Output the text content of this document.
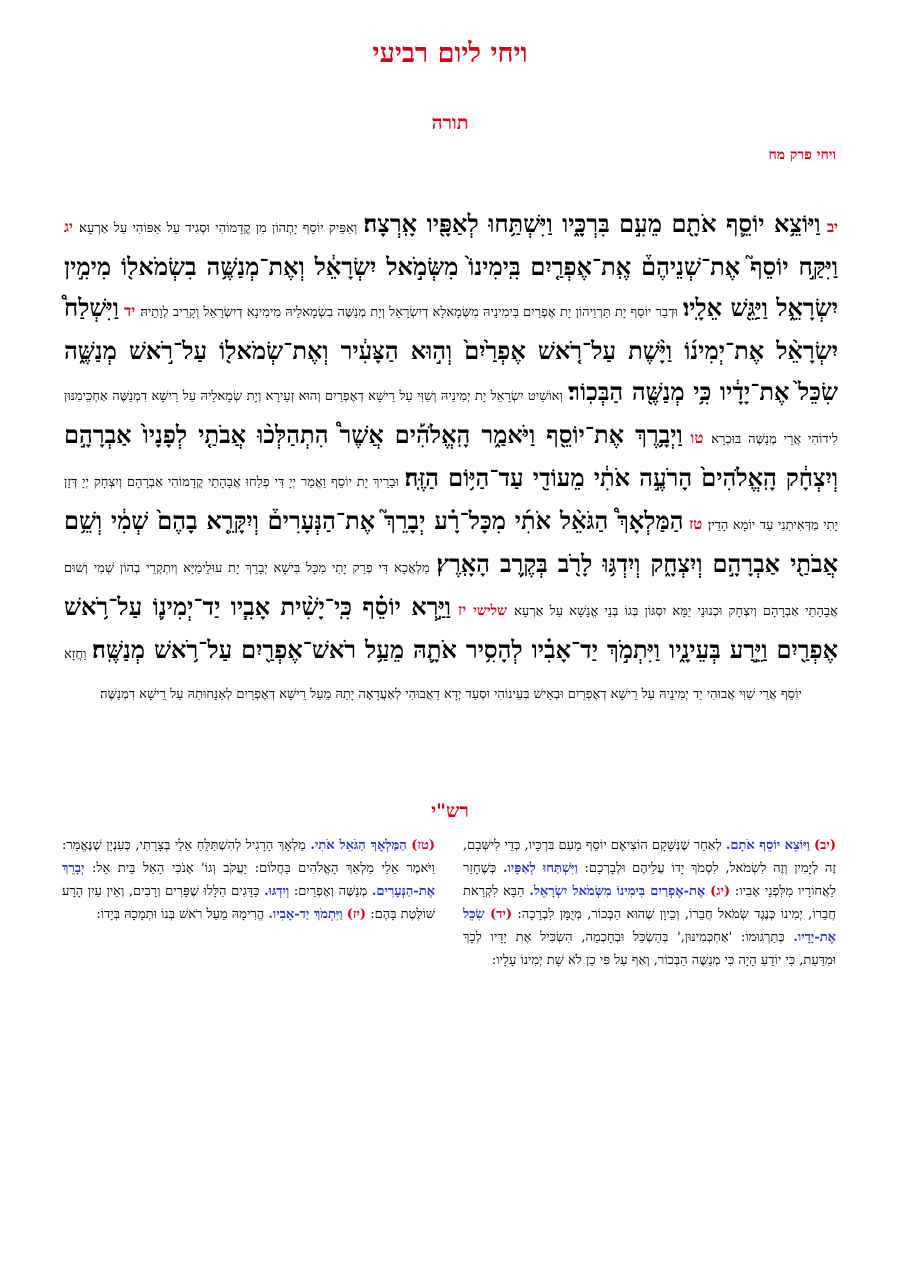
ויחי ליום רביעי
תורה
ויחי פרק מח
יב וַיּוֹצֵ֥א יוֹסֵ֛ף אֹתָ֖ם מֵעִ֣ם בִּרְכָּ֑יו וַיִּשְׁתַּ֥חוּ לְאַפָּ֖יו אָֽרְצָה׃ וְאַפֵּיק יוֹסֵף יָתְהוֹן מִן קֳדָמוֹהִי וּסְגִיד עַל אַפּוֹהִי עַל אַרְעָא׃ יג וַיִּקַּ֣ח יוֹסֵף֮ אֶת־שְׁנֵיהֶם֒ אֶֽת־אֶפְרַ֤יִם בִּֽימִינוֹ֙ מִשְּׂמֹ֣אל יִשְׂרָאֵ֔ל וְאֶת־מְנַשֶּׁ֥ה בִשְׂמֹאל֖וֹ מִימִ֣ין יִשְׂרָאֵ֑ל וַיַּגֵּ֖שׁ אֵלָֽיו׃ וּדְבַר יוֹסֵף יָת תַּרְוֵיהוֹן יָת אֶפְרַיִם בִּימִינֵיהּ מִשְּׂמָאלָא דְיִשְׂרָאֵל וְיָת מְנַשֶּׁה בִשְׂמָאלֵיהּ מִימִינָא דְיִשְׂרָאֵל וְקָרֵיב לְוָתֵיהּ׃ יד וַיִּשְׁלַח֩ יִשְׂרָאֵ֨ל אֶת־יְמִינ֜וֹ וַיָּ֨שֶׁת עַל־רֹ֤אשׁ אֶפְרַ֙יִם֙ וְה֣וּא הַצָּעִ֔יר וְאֶת־שְׂמֹאל֖וֹ עַל־רֹ֣אשׁ מְנַשֶּׁ֑ה שִׂכֵּל֙ אֶת־יָדָ֔יו כִּ֥י מְנַשֶּׁ֖ה הַבְּכֽוֹר׃ וְאוֹשֵׁיט יִשְׂרָאֵל יָת יְמִינֵיהּ וְשַׁוִּי עַל רֵישָׁא דְאֶפְרַיִם וְהוּא זְעֵירָא וְיָת שְׂמָאלֵיהּ עַל רֵישָׁא דִמְנַשֶּׁה אַחְכֵּימִנּוּן לִידוֹהִי אֲרֵי מְנַשֶּׁה בּוּכְרָא׃ טו וַיְבָ֥רֶךְ אֶת־יוֹסֵ֖ף וַיֹּאמַ֑ר הָֽאֱלֹהִ֡ים אֲשֶׁר֩ הִתְהַלְּכ֨וּ אֲבֹתַ֤י לְפָנָיו֙ אַבְרָהָ֣ם וְיִצְחָ֔ק הָֽאֱלֹהִים֙ הָרֹעֶ֣ה אֹתִ֔י מֵעוֹדִ֖י עַד־הַיּ֥וֹם הַזֶּֽה׃ וּבָרֵיךְ יָת יוֹסֵף וַאֲמַר יְיָ דִּי פְלַחוּ אֲבָהָתַי קֳדָמוֹהִי אַבְרָהָם וְיִצְחָק יְיָ דְּזָן יָתִי מִדְּאִיתַנִי עַד יוֹמָא הָדֵין׃ טז הַמַּלְאָךְ֩ הַגֹּאֵ֨ל אֹתִ֜י מִכָּל־רָ֗ע יְבָרֵךְ֮ אֶת־הַנְּעָרִים֒ וְיִקָּרֵ֤א בָהֶם֙ שְׁמִ֔י וְשֵׁ֥ם אֲבֹתַ֖י אַבְרָהָ֣ם וְיִצְחָ֑ק וְיִדְגּ֥וּ לָרֹ֖ב בְּקֶ֥רֶב הָאָֽרֶץ׃ מַלְאֲכָא דִּי פְרַק יָתִי מִכָּל בִּישָׁא יְבָרֵךְ יָת עוּלֵימַיָּא וְיִתְקְרֵי בְהוֹן שְׁמִי וְשׁוּם אֲבָהָתַי אַבְרָהָם וְיִצְחָק וּכְנוּנֵי יַמָּא יִסְגּוֹן בְּגוֹ בְּנֵי אֱנָשָׁא עַל אַרְעָא׃ שלישי יז וַיַּ֣רְא יוֹסֵ֗ף כִּֽי־יָשִׁ֨ית אָבִ֧יו יַד־יְמִינ֛וֹ עַל־רֹ֥אשׁ אֶפְרַ֖יִם וַיֵּ֣רַע בְּעֵינָ֑יו וַיִּתְמֹ֣ךְ יַד־אָבִ֗יו לְהָסִ֥יר אֹתָ֛הּ מֵעַ֥ל רֹאשׁ־אֶפְרַ֖יִם עַל־רֹ֥אשׁ מְנַשֶּֽׁה׃ וַחֲזָא יוֹסֵף אֲרֵי שַׁוִּי אֲבוּהִי יַד יְמִינֵיהּ עַל רֵישָׁא דְאֶפְרַיִם וּבְאֵישׁ בְּעֵינוֹהִי וּסְעַד יְדָא דַאֲבוּהִי לְאַעֲדָאָה יָתַהּ מֵעַל רֵישָׁא דְאֶפְרַיִם לְאַנָּחוּתַהּ עַל רֵישָׁא דִמְנַשֶּׁה׃
רש"י
(יב) וַיּוֹצֵא יוֹסֵף אֹתָם. לְאַחַר שֶׁנְּשָׁקָם הוֹצִיאָם יוֹסֵף מֵעִם בִּרְכָּיו, כְּדֵי לִישְּׁבָם, זֶה לְיָמִין וְזֶה לִשְׂמֹאל, לִסְמֹךְ יָדוֹ עֲלֵיהֶם וּלְבָרְכָם: וַיִּשְׁתַּחוּ לְאַפָּיו. כְּשֶׁחָזַר לַאֲחוֹרָיו מִלִּפְנֵי אָבִיו: (יג) אֶת-אֶפְרַיִם בִּימִינוֹ מִשְּׂמֹאל יִשְׂרָאֵל. הַבָּא לִקְרַאת חֲבֵרוֹ, יְמִינוֹ כְּנֶגֶד שְׂמֹאל חֲבֵרוֹ, וְכֵיוָן שֶׁהוּא הַבְּכוֹר, מְיֻמָּן לִבְרָכָה: (יד) שִׂכֵּל אֶת-יָדָיו. כְּתַרְגּוּמוֹ: 'אַחְכְּמִינּוּן,' בְּהַשְׂכֵּל וּבְחָכְמָה, הִשְׂכִּיל אֶת יָדָיו לְכָךְ וּמִדַּעַת, כִּי יוֹדֵעַ הָיָה כִּי מְנַשֶּׁה הַבְּכוֹר, וְאַף עַל פִּי כֵן לֹא שָׁת יְמִינוֹ עָלָיו:
(טז) הַמַּלְאָךְ הַגֹּאֵל אֹתִי. מַלְאָךְ הָרָגִיל לְהִשְׁתַּלֵּחַ אֵלַי בְּצָרָתִי, כְּעִנְיָן שֶׁנֶּאֱמַר: וַיֹּאמֶר אֵלַי מַלְאַךְ הָאֱלֹהִים בַּחֲלוֹם: יַעֲקֹב וְגוֹ' אָנֹכִי הָאֵל בֵּית אֵל: יְבָרֵךְ אֶת-הַנְּעָרִים. מְנַשֶּׁה וְאֶפְרַיִם: וְיִדְגּוּ. כַּדָּגִים הַלָּלוּ שֶׁפָּרִים וְרָבִים, וְאֵין עַיִן הָרָע שׁוֹלֶטֶת בָּהֶם: (יז) וַיִּתְמֹךְ יַד-אָבִיו. הֱרִימָהּ מֵעַל רֹאשׁ בְּנוֹ וּתְמָכָהּ בְּיָדוֹ:
